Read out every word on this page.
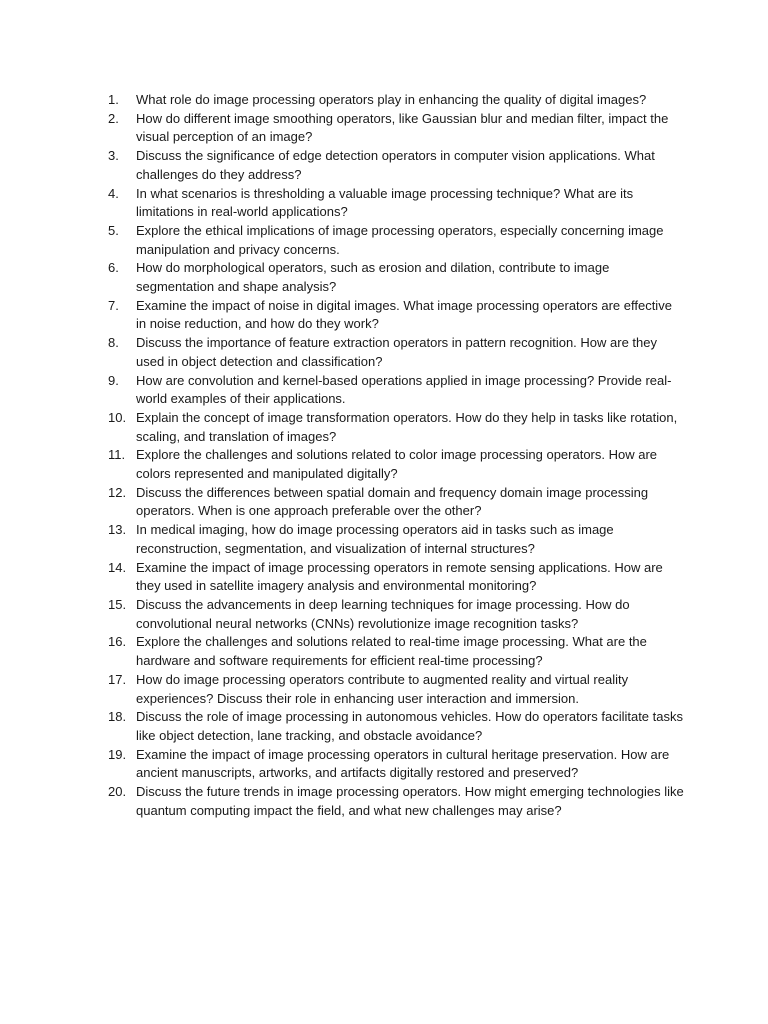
1.	What role do image processing operators play in enhancing the quality of digital images?
2.	How do different image smoothing operators, like Gaussian blur and median filter, impact the visual perception of an image?
3.	Discuss the significance of edge detection operators in computer vision applications. What challenges do they address?
4.	In what scenarios is thresholding a valuable image processing technique? What are its limitations in real-world applications?
5.	Explore the ethical implications of image processing operators, especially concerning image manipulation and privacy concerns.
6.	How do morphological operators, such as erosion and dilation, contribute to image segmentation and shape analysis?
7.	Examine the impact of noise in digital images. What image processing operators are effective in noise reduction, and how do they work?
8.	Discuss the importance of feature extraction operators in pattern recognition. How are they used in object detection and classification?
9.	How are convolution and kernel-based operations applied in image processing? Provide real-world examples of their applications.
10. Explain the concept of image transformation operators. How do they help in tasks like rotation, scaling, and translation of images?
11. Explore the challenges and solutions related to color image processing operators. How are colors represented and manipulated digitally?
12. Discuss the differences between spatial domain and frequency domain image processing operators. When is one approach preferable over the other?
13. In medical imaging, how do image processing operators aid in tasks such as image reconstruction, segmentation, and visualization of internal structures?
14. Examine the impact of image processing operators in remote sensing applications. How are they used in satellite imagery analysis and environmental monitoring?
15. Discuss the advancements in deep learning techniques for image processing. How do convolutional neural networks (CNNs) revolutionize image recognition tasks?
16. Explore the challenges and solutions related to real-time image processing. What are the hardware and software requirements for efficient real-time processing?
17. How do image processing operators contribute to augmented reality and virtual reality experiences? Discuss their role in enhancing user interaction and immersion.
18. Discuss the role of image processing in autonomous vehicles. How do operators facilitate tasks like object detection, lane tracking, and obstacle avoidance?
19. Examine the impact of image processing operators in cultural heritage preservation. How are ancient manuscripts, artworks, and artifacts digitally restored and preserved?
20. Discuss the future trends in image processing operators. How might emerging technologies like quantum computing impact the field, and what new challenges may arise?
